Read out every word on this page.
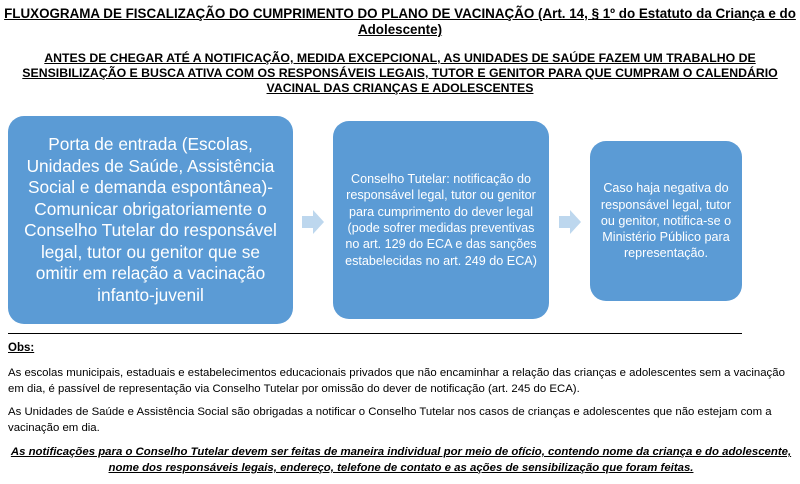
FLUXOGRAMA DE FISCALIZAÇÃO DO CUMPRIMENTO DO PLANO DE VACINAÇÃO (Art. 14, § 1º do Estatuto da Criança e do Adolescente)
ANTES DE CHEGAR ATÉ A NOTIFICAÇÃO, MEDIDA EXCEPCIONAL, AS UNIDADES DE SAÚDE FAZEM UM TRABALHO DE SENSIBILIZAÇÃO E BUSCA ATIVA COM OS RESPONSÁVEIS LEGAIS, TUTOR E GENITOR PARA QUE CUMPRAM O CALENDÁRIO VACINAL DAS CRIANÇAS E ADOLESCENTES
Porta de entrada (Escolas, Unidades de Saúde, Assistência Social e demanda espontânea)- Comunicar obrigatoriamente o Conselho Tutelar do responsável legal, tutor ou genitor que se omitir em relação a vacinação infanto-juvenil
Conselho Tutelar: notificação do responsável legal, tutor ou genitor para cumprimento do dever legal (pode sofrer medidas preventivas no art. 129 do ECA e das sanções estabelecidas no art. 249 do ECA)
Caso haja negativa do responsável legal, tutor ou genitor, notifica-se o Ministério Público para representação.
Obs:
As escolas municipais, estaduais e estabelecimentos educacionais privados que não encaminhar a relação das crianças e adolescentes sem a vacinação em dia, é passível de representação via Conselho Tutelar por omissão do dever de notificação (art. 245 do ECA).
As Unidades de Saúde e Assistência Social são obrigadas a notificar o Conselho Tutelar nos casos de crianças e adolescentes que não estejam com a vacinação em dia.
As notificações para o Conselho Tutelar devem ser feitas de maneira individual por meio de ofício, contendo nome da criança e do adolescente, nome dos responsáveis legais, endereço, telefone de contato e as ações de sensibilização que foram feitas.
